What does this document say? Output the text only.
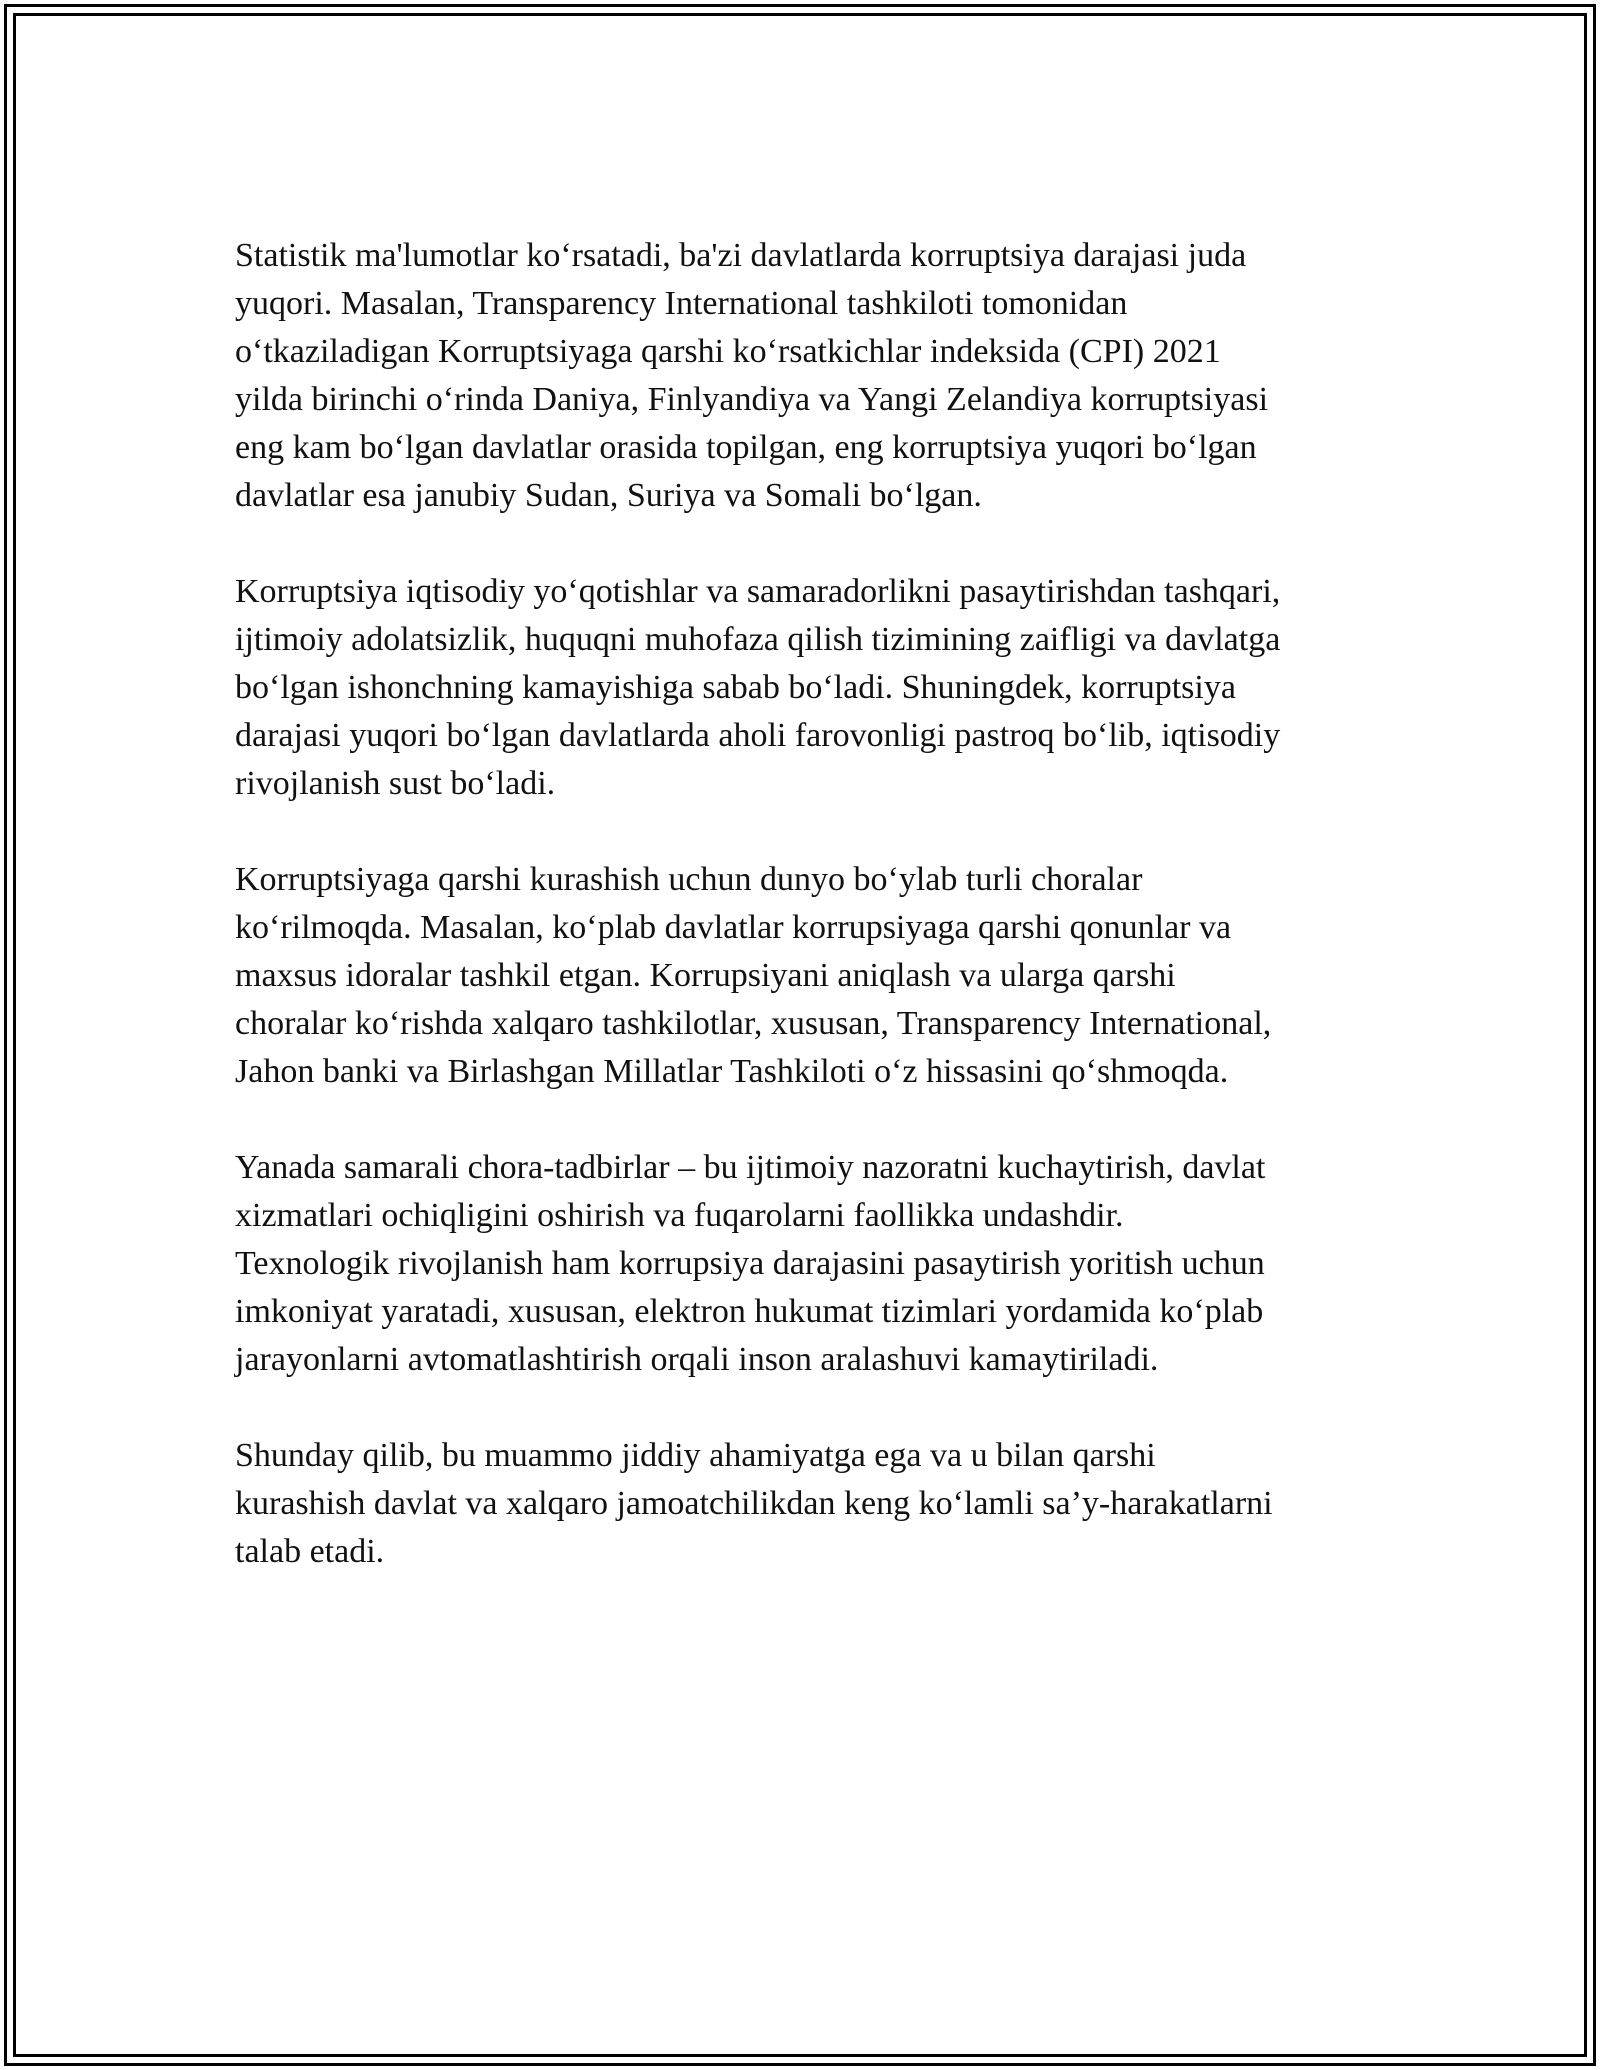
Statistik ma'lumotlar ko‘rsatadi, ba'zi davlatlarda korruptsiya darajasi juda
yuqori. Masalan, Transparency International tashkiloti tomonidan
o‘tkaziladigan Korruptsiyaga qarshi ko‘rsatkichlar indeksida (CPI) 2021
yilda birinchi o‘rinda Daniya, Finlyandiya va Yangi Zelandiya korruptsiyasi
eng kam bo‘lgan davlatlar orasida topilgan, eng korruptsiya yuqori bo‘lgan
davlatlar esa janubiy Sudan, Suriya va Somali bo‘lgan.

Korruptsiya iqtisodiy yo‘qotishlar va samaradorlikni pasaytirishdan tashqari,
ijtimoiy adolatsizlik, huquqni muhofaza qilish tizimining zaifligi va davlatga
bo‘lgan ishonchning kamayishiga sabab bo‘ladi. Shuningdek, korruptsiya
darajasi yuqori bo‘lgan davlatlarda aholi farovonligi pastroq bo‘lib, iqtisodiy
rivojlanish sust bo‘ladi.

Korruptsiyaga qarshi kurashish uchun dunyo bo‘ylab turli choralar
ko‘rilmoqda. Masalan, ko‘plab davlatlar korrupsiyaga qarshi qonunlar va
maxsus idoralar tashkil etgan. Korrupsiyani aniqlash va ularga qarshi
choralar ko‘rishda xalqaro tashkilotlar, xususan, Transparency International,
Jahon banki va Birlashgan Millatlar Tashkiloti o‘z hissasini qo‘shmoqda.

Yanada samarali chora-tadbirlar – bu ijtimoiy nazoratni kuchaytirish, davlat
xizmatlari ochiqligini oshirish va fuqarolarni faollikka undashdir.
Texnologik rivojlanish ham korrupsiya darajasini pasaytirish yoritish uchun
imkoniyat yaratadi, xususan, elektron hukumat tizimlari yordamida ko‘plab
jarayonlarni avtomatlashtirish orqali inson aralashuvi kamaytiriladi.

Shunday qilib, bu muammo jiddiy ahamiyatga ega va u bilan qarshi
kurashish davlat va xalqaro jamoatchilikdan keng ko‘lamli sa’y-harakatlarni
talab etadi.
